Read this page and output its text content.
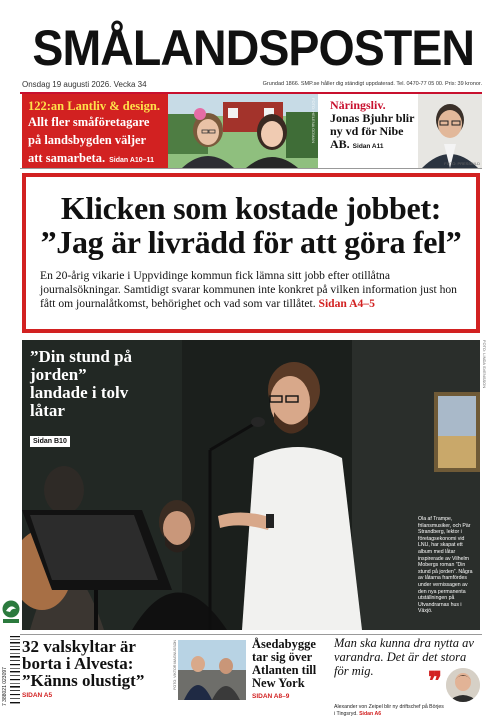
SMÅLANDSPOSTEN
Onsdag 19 augusti 2026. Vecka 34	Grundad 1866. SMP.se håller dig ständigt uppdaterad. Tel. 0470-77 05 00. Pris: 39 kronor.
122:an Lantliv & design.
Allt fler småföretagare på landsbygden väljer att samarbeta. Sidan A10–11
FOTO: HELENA ODMAN Näringsliv.
Jonas Bjuhr blir ny vd för Nibe AB. Sidan A11
FOTO: PRESSBILD
Klicken som kostade jobbet: ”Jag är livrädd för att göra fel”

En 20-årig vikarie i Uppvidinge kommun fick lämna sitt jobb efter otillåtna journalsökningar. Samtidigt svarar kommunen inte konkret på vilken information just hon fått om journalåtkomst, behörighet och vad som var tillåtet. Sidan A4–5

”Din stund på jorden” landade i tolv låtar
Sidan B10
Ola af Trampe, frilansmusiker, och Pär Strandberg, lektor i företagsekonomi vid LNU, har skapat ett album med låtar inspirerade av Vilhelm Mobergs roman ”Din stund på jorden”. Några av låtarna framfördes under vernissagen av den nya permanenta utställningen på Utvandrarnas hus i Växjö.
FOTO: LINDA SVENSSON
7 388021 023097
32 valskyltar är borta i Alvesta: ”Känns olustigt”
SIDAN A5
FOTO: VIKTOR MAGNUSSON	Åsedabygge tar sig över Atlanten till New York
SIDAN A8–9
Man ska kunna dra nytta av varandra. Det är det stora för mig.	❞
Alexander von Zeipel blir ny driftschef på Börjes i Tingsryd. Sidan A6
